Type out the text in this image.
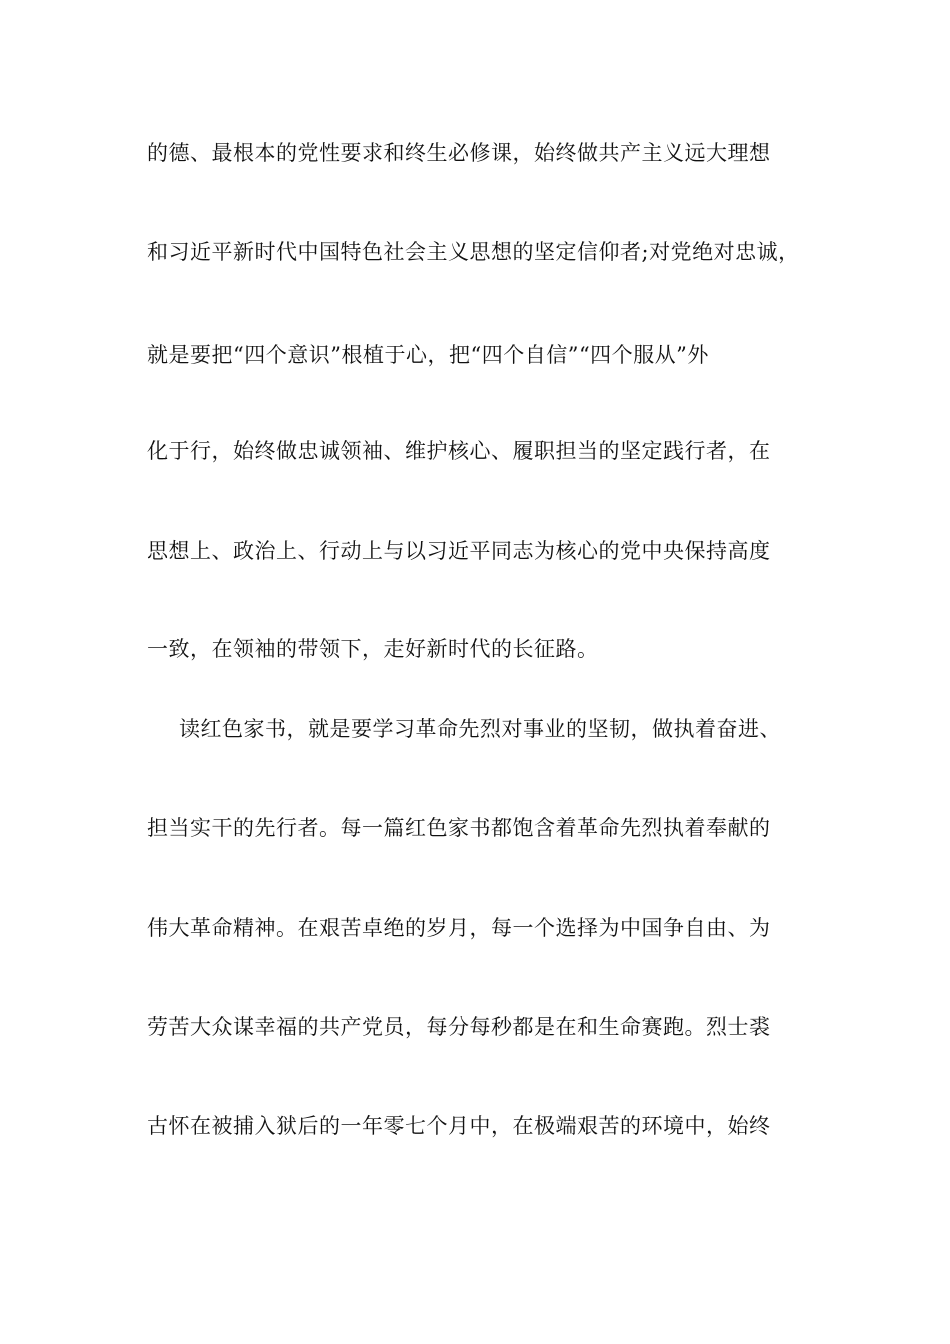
的德、最根本的党性要求和终生必修课，始终做共产主义远大理想
和习近平新时代中国特色社会主义思想的坚定信仰者;对党绝对忠诚，
就是要把“四个意识”根植于心，把“四个自信”“四个服从”外
化于行，始终做忠诚领袖、维护核心、履职担当的坚定践行者，在
思想上、政治上、行动上与以习近平同志为核心的党中央保持高度
一致，在领袖的带领下，走好新时代的长征路。
读红色家书，就是要学习革命先烈对事业的坚韧，做执着奋进、
担当实干的先行者。每一篇红色家书都饱含着革命先烈执着奉献的
伟大革命精神。在艰苦卓绝的岁月，每一个选择为中国争自由、为
劳苦大众谋幸福的共产党员，每分每秒都是在和生命赛跑。烈士裘
古怀在被捕入狱后的一年零七个月中，在极端艰苦的环境中，始终
